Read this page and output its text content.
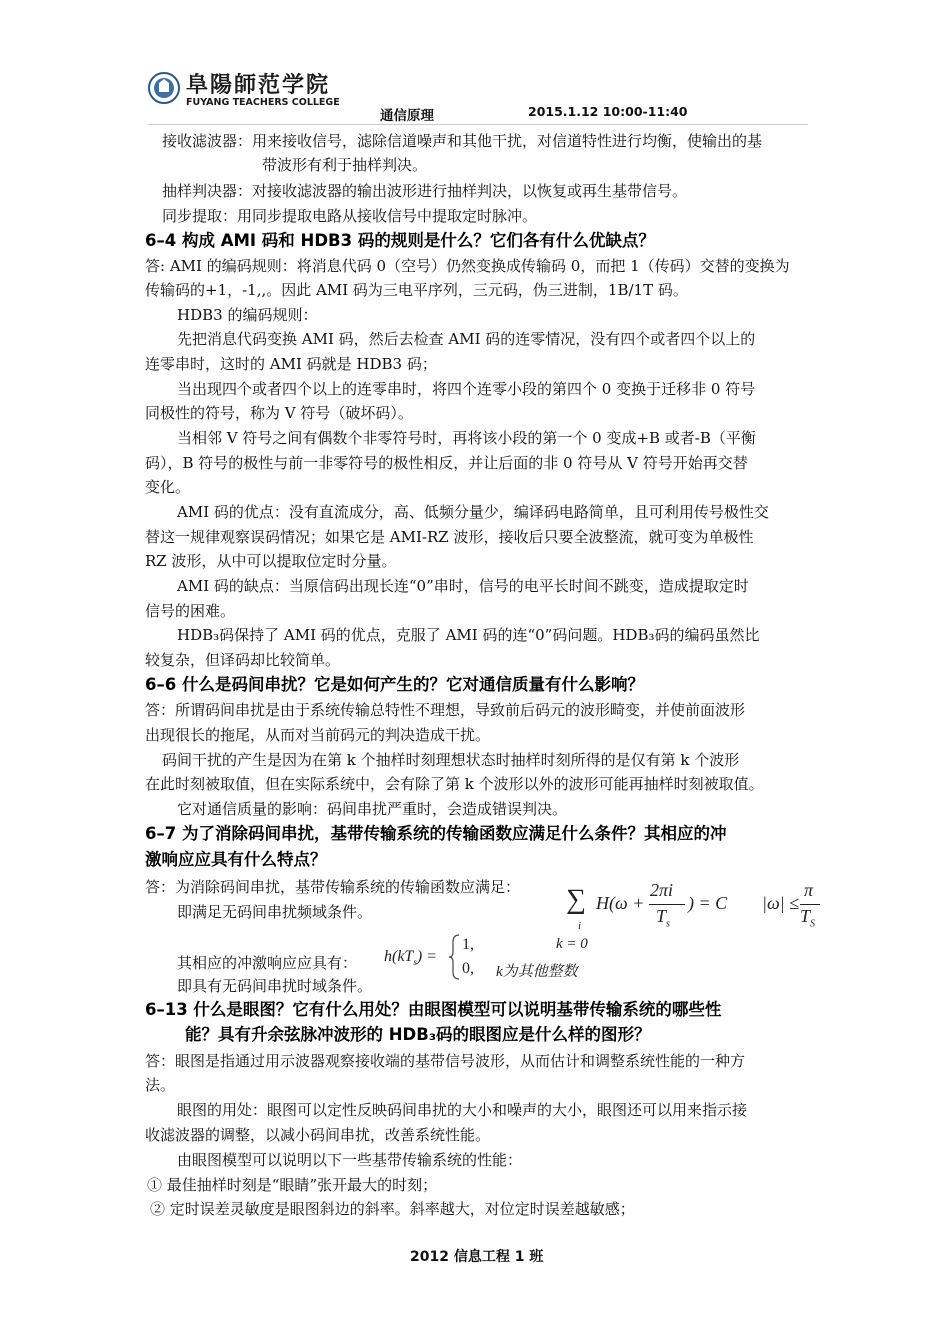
阜陽師范学院
FUYANG TEACHERS COLLEGE
通信原理	2015.1.12 10:00-11:40
接收滤波器：用来接收信号，滤除信道噪声和其他干扰，对信道特性进行均衡，使输出的基
带波形有利于抽样判决。
抽样判决器：对接收滤波器的输出波形进行抽样判决，以恢复或再生基带信号。
同步提取：用同步提取电路从接收信号中提取定时脉冲。
6–4 构成 AMI 码和 HDB3 码的规则是什么？它们各有什么优缺点？
答: AMI 的编码规则：将消息代码 0（空号）仍然变换成传输码 0，而把 1（传码）交替的变换为
传输码的+1，-1,,。因此 AMI 码为三电平序列，三元码，伪三进制，1B/1T 码。
HDB3 的编码规则：
先把消息代码变换 AMI 码，然后去检查 AMI 码的连零情况，没有四个或者四个以上的
连零串时，这时的 AMI 码就是 HDB3 码；
当出现四个或者四个以上的连零串时，将四个连零小段的第四个 0 变换于迁移非 0 符号
同极性的符号，称为 V 符号（破坏码）。
当相邻 V 符号之间有偶数个非零符号时，再将该小段的第一个 0 变成+B 或者-B（平衡
码），B 符号的极性与前一非零符号的极性相反，并让后面的非 0 符号从 V 符号开始再交替
变化。
AMI 码的优点：没有直流成分，高、低频分量少，编译码电路简单，且可利用传号极性交
替这一规律观察误码情况；如果它是 AMI-RZ 波形，接收后只要全波整流，就可变为单极性
RZ 波形，从中可以提取位定时分量。
AMI 码的缺点：当原信码出现长连“0”串时，信号的电平长时间不跳变，造成提取定时
信号的困难。
HDB₃码保持了 AMI 码的优点，克服了 AMI 码的连“0”码问题。HDB₃码的编码虽然比
较复杂，但译码却比较简单。
6–6 什么是码间串扰？它是如何产生的？它对通信质量有什么影响？
答：所谓码间串扰是由于系统传输总特性不理想，导致前后码元的波形畸变，并使前面波形
出现很长的拖尾，从而对当前码元的判决造成干扰。
码间干扰的产生是因为在第 k 个抽样时刻理想状态时抽样时刻所得的是仅有第 k 个波形
在此时刻被取值，但在实际系统中，会有除了第 k 个波形以外的波形可能再抽样时刻被取值。
它对通信质量的影响：码间串扰严重时，会造成错误判决。
6–7 为了消除码间串扰，基带传输系统的传输函数应满足什么条件？其相应的冲
激响应应具有什么特点？
答：为消除码间串扰，基带传输系统的传输函数应满足：
即满足无码间串扰频域条件。	∑
i
H(ω +
2πi
$T_s$
) = C |ω| ≤
π
$T_S$
其相应的冲激响应应具有： $h(kT_s)$ =
1,	k = 0
0, k为其他整数
即具有无码间串扰时域条件。
6–13 什么是眼图？它有什么用处？由眼图模型可以说明基带传输系统的哪些性
能？具有升余弦脉冲波形的 HDB₃码的眼图应是什么样的图形？
答：眼图是指通过用示波器观察接收端的基带信号波形，从而估计和调整系统性能的一种方
法。
眼图的用处：眼图可以定性反映码间串扰的大小和噪声的大小，眼图还可以用来指示接
收滤波器的调整，以减小码间串扰，改善系统性能。
由眼图模型可以说明以下一些基带传输系统的性能：
① 最佳抽样时刻是“眼睛”张开最大的时刻；
② 定时误差灵敏度是眼图斜边的斜率。斜率越大，对位定时误差越敏感；
2012 信息工程 1 班
